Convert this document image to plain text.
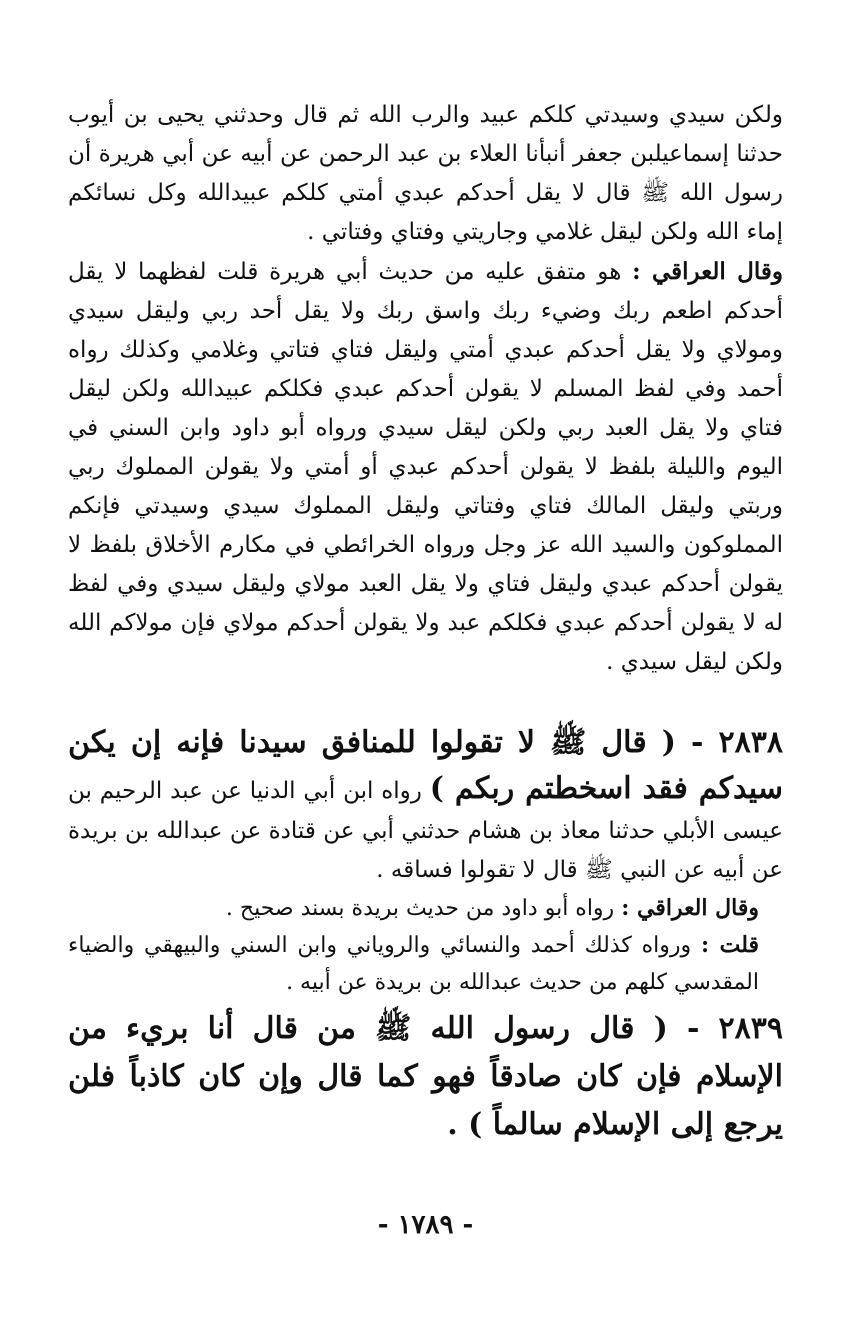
ولكن سيدي وسيدتي كلكم عبيد والرب الله ثم قال وحدثني يحيى بن أيوب حدثنا إسماعيلبن جعفر أنبأنا العلاء بن عبد الرحمن عن أبيه عن أبي هريرة أن رسول الله ﷺ قال لا يقل أحدكم عبدي أمتي كلكم عبيدالله وكل نسائكم إماء الله ولكن ليقل غلامي وجاريتي وفتاي وفتاتي .

وقال العراقي : هو متفق عليه من حديث أبي هريرة قلت لفظهما لا يقل أحدكم اطعم ربك وضيء ربك واسق ربك ولا يقل أحد ربي وليقل سيدي ومولاي ولا يقل أحدكم عبدي أمتي وليقل فتاي فتاتي وغلامي وكذلك رواه أحمد وفي لفظ المسلم لا يقولن أحدكم عبدي فكلكم عبيدالله ولكن ليقل فتاي ولا يقل العبد ربي ولكن ليقل سيدي ورواه أبو داود وابن السني في اليوم والليلة بلفظ لا يقولن أحدكم عبدي أو أمتي ولا يقولن المملوك ربي وربتي وليقل المالك فتاي وفتاتي وليقل المملوك سيدي وسيدتي فإنكم المملوكون والسيد الله عز وجل ورواه الخرائطي في مكارم الأخلاق بلفظ لا يقولن أحدكم عبدي وليقل فتاي ولا يقل العبد مولاي وليقل سيدي وفي لفظ له لا يقولن أحدكم عبدي فكلكم عبد ولا يقولن أحدكم مولاي فإن مولاكم الله ولكن ليقل سيدي .

٢٨٣٨ - ( قال ﷺ لا تقولوا للمنافق سيدنا فإنه إن يكن سيدكم فقد اسخطتم ربكم ) رواه ابن أبي الدنيا عن عبد الرحيم بن عيسى الأبلي حدثنا معاذ بن هشام حدثني أبي عن قتادة عن عبدالله بن بريدة عن أبيه عن النبي ﷺ قال لا تقولوا فساقه .

وقال العراقي : رواه أبو داود من حديث بريدة بسند صحيح .

قلت : ورواه كذلك أحمد والنسائي والروياني وابن السني والبيهقي والضياء المقدسي كلهم من حديث عبدالله بن بريدة عن أبيه .

٢٨٣٩ - ( قال رسول الله ﷺ من قال أنا بريء من الإسلام فإن كان صادقاً فهو كما قال وإن كان كاذباً فلن يرجع إلى الإسلام سالماً ) .

- ١٧٨٩ -
